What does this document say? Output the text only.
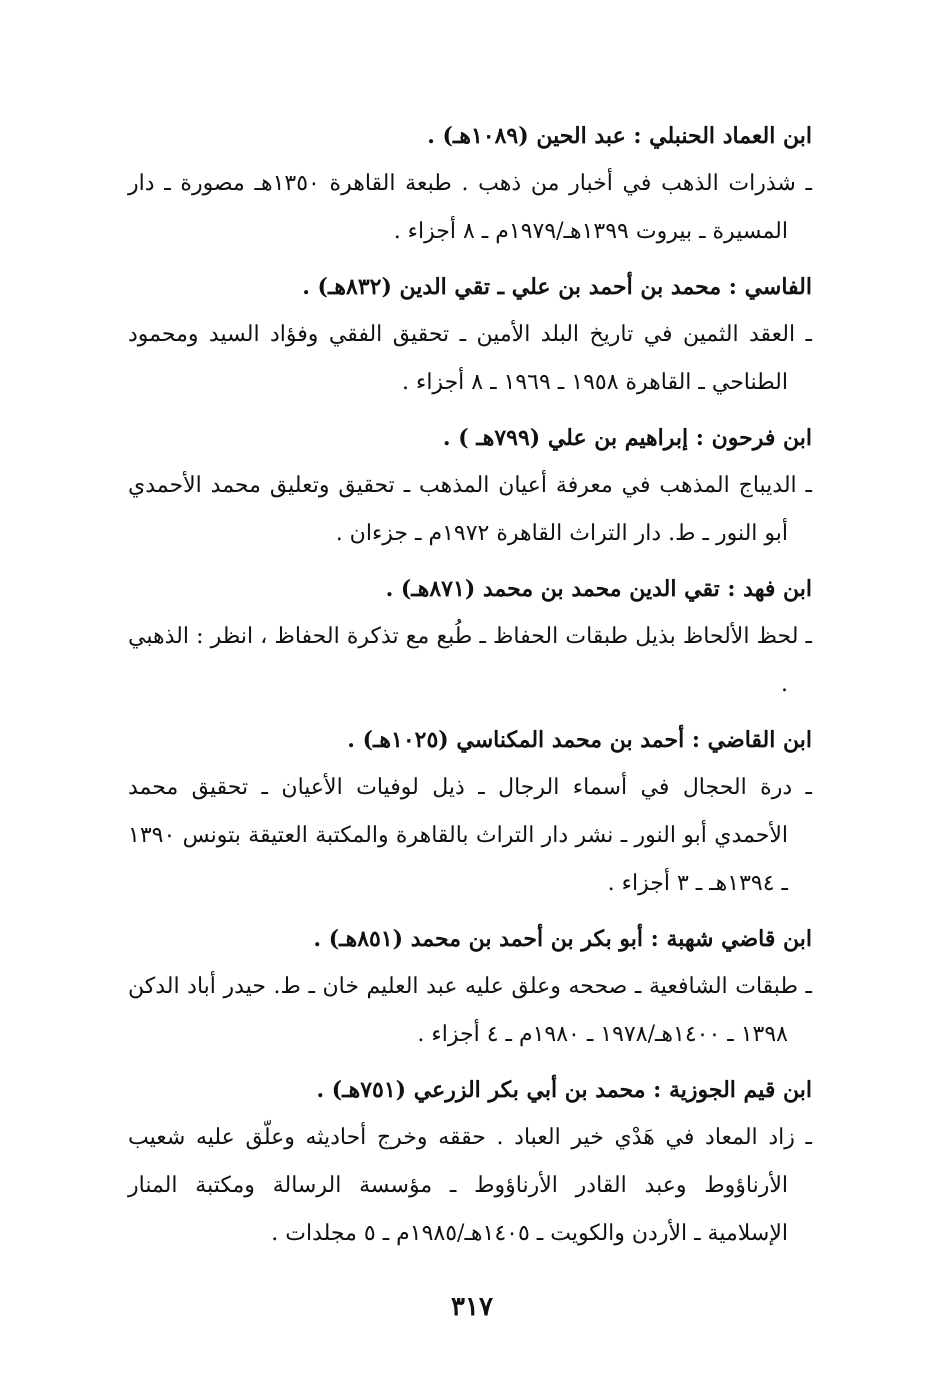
ابن العماد الحنبلي : عبد الحين (١٠٨٩هـ) .
ـ شذرات الذهب في أخبار من ذهب . طبعة القاهرة ١٣٥٠هـ مصورة ـ دار المسيرة ـ بيروت ١٣٩٩هـ/١٩٧٩م ـ ٨ أجزاء .
الفاسي : محمد بن أحمد بن علي ـ تقي الدين (٨٣٢هـ) .
ـ العقد الثمين في تاريخ البلد الأمين ـ تحقيق الفقي وفؤاد السيد ومحمود الطناحي ـ القاهرة ١٩٥٨ ـ ١٩٦٩ ـ ٨ أجزاء .
ابن فرحون : إبراهيم بن علي (٧٩٩هـ ) .
ـ الديباج المذهب في معرفة أعيان المذهب ـ تحقيق وتعليق محمد الأحمدي أبو النور ـ ط. دار التراث القاهرة ١٩٧٢م ـ جزءان .
ابن فهد : تقي الدين محمد بن محمد (٨٧١هـ) .
ـ لحظ الألحاظ بذيل طبقات الحفاظ ـ طُبع مع تذكرة الحفاظ ، انظر : الذهبي .
ابن القاضي : أحمد بن محمد المكناسي (١٠٢٥هـ) .
ـ درة الحجال في أسماء الرجال ـ ذيل لوفيات الأعيان ـ تحقيق محمد الأحمدي أبو النور ـ نشر دار التراث بالقاهرة والمكتبة العتيقة بتونس ١٣٩٠ ـ ١٣٩٤هـ ـ ٣ أجزاء .
ابن قاضي شهبة : أبو بكر بن أحمد بن محمد (٨٥١هـ) .
ـ طبقات الشافعية ـ صححه وعلق عليه عبد العليم خان ـ ط. حيدر أباد الدكن ١٣٩٨ ـ ١٤٠٠هـ/١٩٧٨ ـ ١٩٨٠م ـ ٤ أجزاء .
ابن قيم الجوزية : محمد بن أبي بكر الزرعي (٧٥١هـ) .
ـ زاد المعاد في هَدْي خير العباد . حققه وخرج أحاديثه وعلّق عليه شعيب الأرناؤوط وعبد القادر الأرناؤوط ـ مؤسسة الرسالة ومكتبة المنار الإسلامية ـ الأردن والكويت ـ ١٤٠٥هـ/١٩٨٥م ـ ٥ مجلدات .
٣١٧
